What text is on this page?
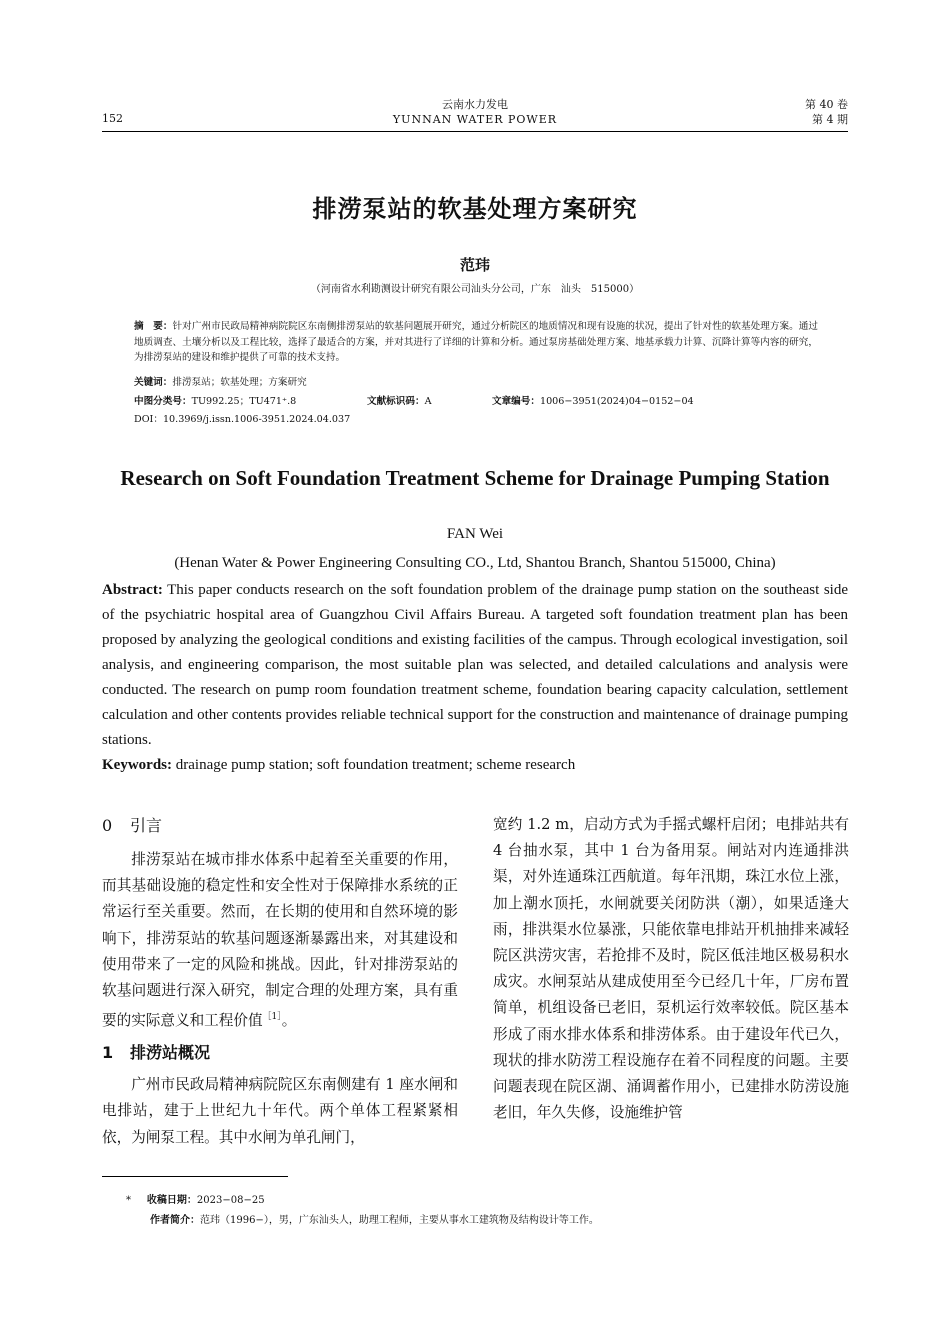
云南水力发电
YUNNAN WATER POWER
152
第 40 卷
第 4 期
排涝泵站的软基处理方案研究
范玮
（河南省水利勘测设计研究有限公司汕头分公司，广东　汕头　515000）
摘　要：针对广州市民政局精神病院院区东南侧排涝泵站的软基问题展开研究，通过分析院区的地质情况和现有设施的状况，提出了针对性的软基处理方案。通过地质调查、土壤分析以及工程比较，选择了最适合的方案，并对其进行了详细的计算和分析。通过泵房基础处理方案、地基承载力计算、沉降计算等内容的研究，为排涝泵站的建设和维护提供了可靠的技术支持。
关键词：排涝泵站；软基处理；方案研究
中图分类号：TU992.25；TU471⁺.8	文献标识码：A	文章编号：1006−3951(2024)04−0152−04
DOI：10.3969/j.issn.1006-3951.2024.04.037
Research on Soft Foundation Treatment Scheme for Drainage Pumping Station
FAN Wei
(Henan Water & Power Engineering Consulting CO., Ltd, Shantou Branch, Shantou 515000, China)
Abstract: This paper conducts research on the soft foundation problem of the drainage pump station on the southeast side of the psychiatric hospital area of Guangzhou Civil Affairs Bureau. A targeted soft foundation treatment plan has been proposed by analyzing the geological conditions and existing facilities of the campus. Through ecological investigation, soil analysis, and engineering comparison, the most suitable plan was selected, and detailed calculations and analysis were conducted. The research on pump room foundation treatment scheme, foundation bearing capacity calculation, settlement calculation and other contents provides reliable technical support for the construction and maintenance of drainage pumping stations.
Keywords: drainage pump station; soft foundation treatment; scheme research
0 引言

排涝泵站在城市排水体系中起着至关重要的作用，而其基础设施的稳定性和安全性对于保障排水系统的正常运行至关重要。然而，在长期的使用和自然环境的影响下，排涝泵站的软基问题逐渐暴露出来，对其建设和使用带来了一定的风险和挑战。因此，针对排涝泵站的软基问题进行深入研究，制定合理的处理方案，具有重要的实际意义和工程价值$^{[1]}$。

1 排涝站概况

广州市民政局精神病院院区东南侧建有 1 座水闸和电排站，建于上世纪九十年代。两个单体工程紧紧相依，为闸泵工程。其中水闸为单孔闸门，

宽约 1.2 m，启动方式为手摇式螺杆启闭；电排站共有 4 台抽水泵，其中 1 台为备用泵。闸站对内连通排洪渠，对外连通珠江西航道。每年汛期，珠江水位上涨，加上潮水顶托，水闸就要关闭防洪（潮），如果适逢大雨，排洪渠水位暴涨，只能依靠电排站开机抽排来减轻院区洪涝灾害，若抢排不及时，院区低洼地区极易积水成灾。水闸泵站从建成使用至今已经几十年，厂房布置简单，机组设备已老旧，泵机运行效率较低。院区基本形成了雨水排水体系和排涝体系。由于建设年代已久，现状的排水防涝工程设施存在着不同程度的问题。主要问题表现在院区湖、涌调蓄作用小，已建排水防涝设施老旧，年久失修，设施维护管

* 收稿日期：2023−08−25
作者简介：范玮（1996−），男，广东汕头人，助理工程师，主要从事水工建筑物及结构设计等工作。
